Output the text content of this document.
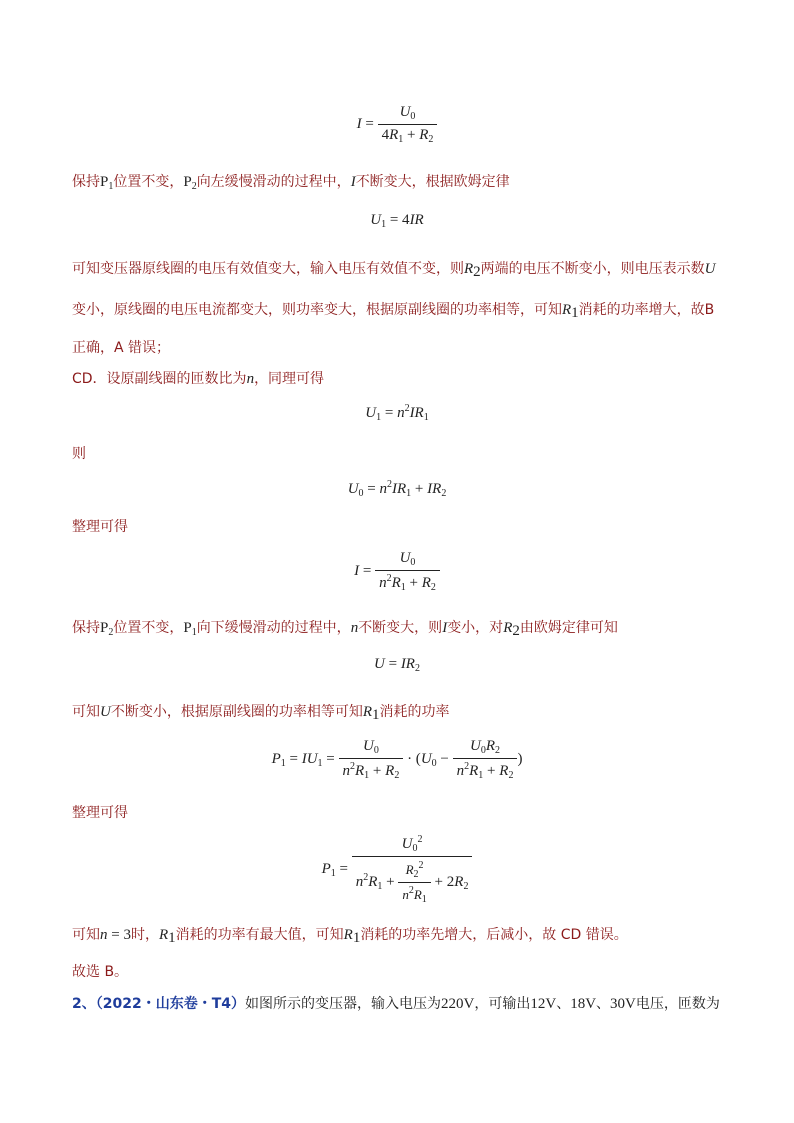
$I = \frac{U_0}{4R_1 + R_2}$
保持$P_1$位置不变，$P_2$向左缓慢滑动的过程中，I不断变大，根据欧姆定律
$U_1 = 4IR$
可知变压器原线圈的电压有效值变大，输入电压有效值不变，则$R_2$两端的电压不断变小，则电压表示数U
变小，原线圈的电压电流都变大，则功率变大，根据原副线圈的功率相等，可知$R_1$消耗的功率增大，故B
正确，A 错误；
CD．设原副线圈的匝数比为n，同理可得
$U_1 = n^2IR_1$
则
$U_0 = n^2IR_1 + IR_2$
整理可得
$I = \frac{U_0}{n^2R_1 + R_2}$
保持$P_2$位置不变，$P_1$向下缓慢滑动的过程中，n不断变大，则I变小，对$R_2$由欧姆定律可知
$U = IR_2$
可知U不断变小，根据原副线圈的功率相等可知$R_1$消耗的功率
$P_1 = IU_1 = \frac{U_0}{n^2R_1 + R_2} \cdot (U_0 - \frac{U_0R_2}{n^2R_1 + R_2}$ )
整理可得
$P_1 = \frac{U_0^2}{n^2R_1 + \frac{R_2^2}{n^2R_1} + 2R_2}$
可知n = 3时，$R_1$消耗的功率有最大值，可知$R_1$消耗的功率先增大，后减小，故 CD 错误。
故选 B。
2、（2022・山东卷・T4）如图所示的变压器，输入电压为220V，可输出12V、18V、30V电压，匝数为
